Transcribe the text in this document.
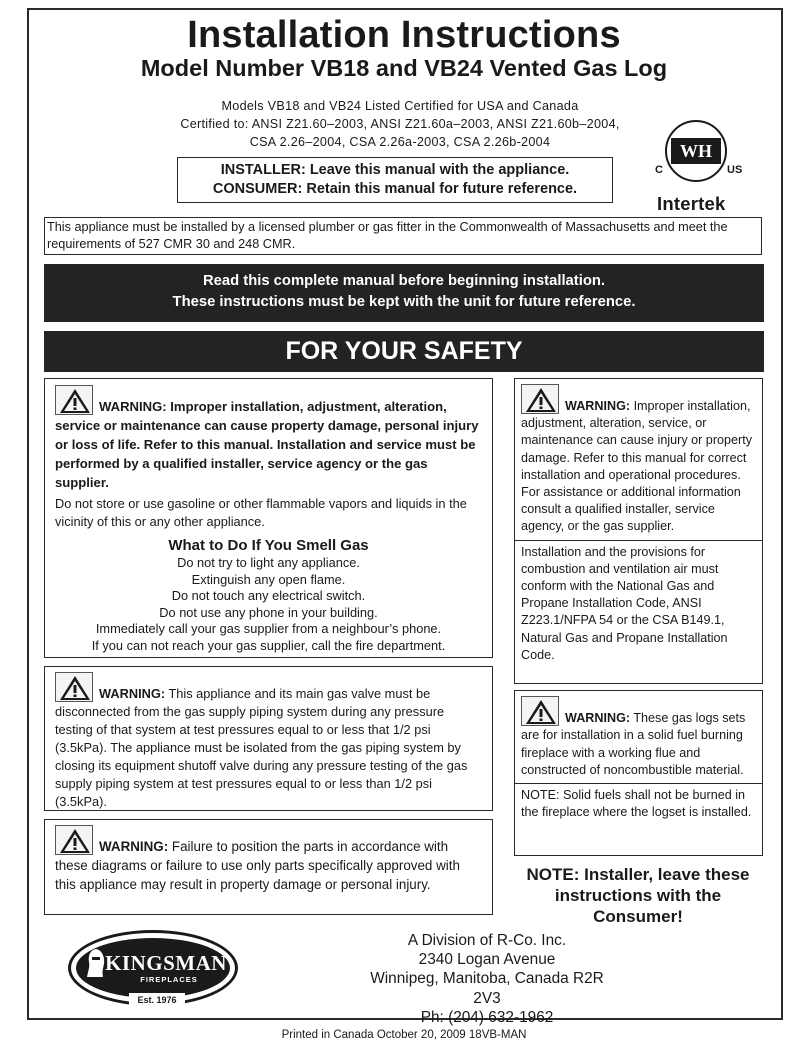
Installation Instructions
Model Number VB18 and VB24 Vented Gas Log
Models VB18 and VB24 Listed Certified for USA and Canada
Certified to: ANSI Z21.60–2003, ANSI Z21.60a–2003, ANSI Z21.60b–2004,
CSA 2.26–2004, CSA 2.26a-2003, CSA 2.26b-2004
INSTALLER: Leave this manual with the appliance.
CONSUMER: Retain this manual for future reference.
WH
C	US
Intertek
This appliance must be installed by a licensed plumber or gas fitter in the Commonwealth of Massachusetts and meet the requirements of 527 CMR 30 and 248 CMR.
Read this complete manual before beginning installation.
These instructions must be kept with the unit for future reference.
FOR YOUR SAFETY
WARNING: Improper installation, adjustment, alteration, service or maintenance can cause property damage, personal injury or loss of life. Refer to this manual. Installation and service must be performed by a qualified installer, service agency or the gas supplier.
Do not store or use gasoline or other flammable vapors and liquids in the vicinity of this or any other appliance.
What to Do If You Smell Gas
Do not try to light any appliance.
Extinguish any open flame.
Do not touch any electrical switch.
Do not use any phone in your building.
Immediately call your gas supplier from a neighbour’s phone.
If you can not reach your gas supplier, call the fire department.
WARNING: This appliance and its main gas valve must be disconnected from the gas supply piping system during any pressure testing of that system at test pressures equal to or less that 1/2 psi (3.5kPa). The appliance must be isolated from the gas piping system by closing its equipment shutoff valve during any pressure testing of the gas supply piping system at test pressures equal to or less than 1/2 psi (3.5kPa).
WARNING: Failure to position the parts in accordance with these diagrams or failure to use only parts specifically approved with this appliance may result in property damage or personal injury.
WARNING: Improper installation, adjustment, alteration, service, or maintenance can cause injury or property damage. Refer to this manual for correct installation and operational procedures. For assistance or additional information consult a qualified installer, service agency, or the gas supplier.
Installation and the provisions for combustion and ventilation air must conform with the National Gas and Propane Installation Code, ANSI Z223.1/NFPA 54 or the CSA B149.1, Natural Gas and Propane Installation Code.
WARNING: These gas logs sets are for installation in a solid fuel burning fireplace with a working flue and constructed of noncombustible material.
NOTE: Solid fuels shall not be burned in the fireplace where the logset is installed.
NOTE: Installer, leave these instructions with the Consumer!
KINGSMAN
FIREPLACES
Est. 1976
A Division of R-Co. Inc.
2340 Logan Avenue
Winnipeg, Manitoba, Canada R2R 2V3
Ph: (204) 632-1962
Printed in Canada October 20, 2009 18VB-MAN
